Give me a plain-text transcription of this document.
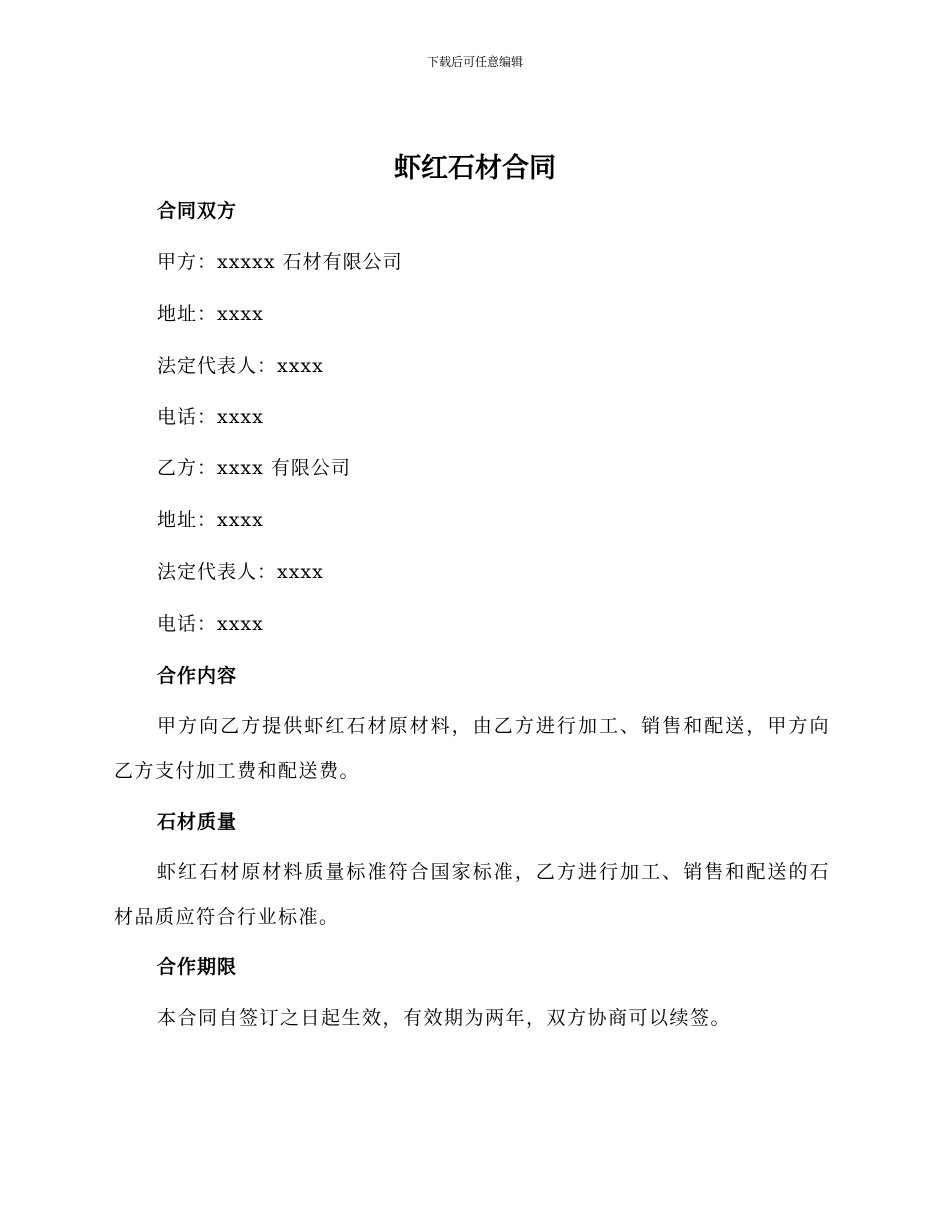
下载后可任意编辑
虾红石材合同
合同双方
甲方：xxxxx 石材有限公司
地址：xxxx
法定代表人：xxxx
电话：xxxx
乙方：xxxx 有限公司
地址：xxxx
法定代表人：xxxx
电话：xxxx
合作内容
甲方向乙方提供虾红石材原材料，由乙方进行加工、销售和配送，甲方向乙方支付加工费和配送费。
石材质量
虾红石材原材料质量标准符合国家标准，乙方进行加工、销售和配送的石材品质应符合行业标准。
合作期限
本合同自签订之日起生效，有效期为两年，双方协商可以续签。
